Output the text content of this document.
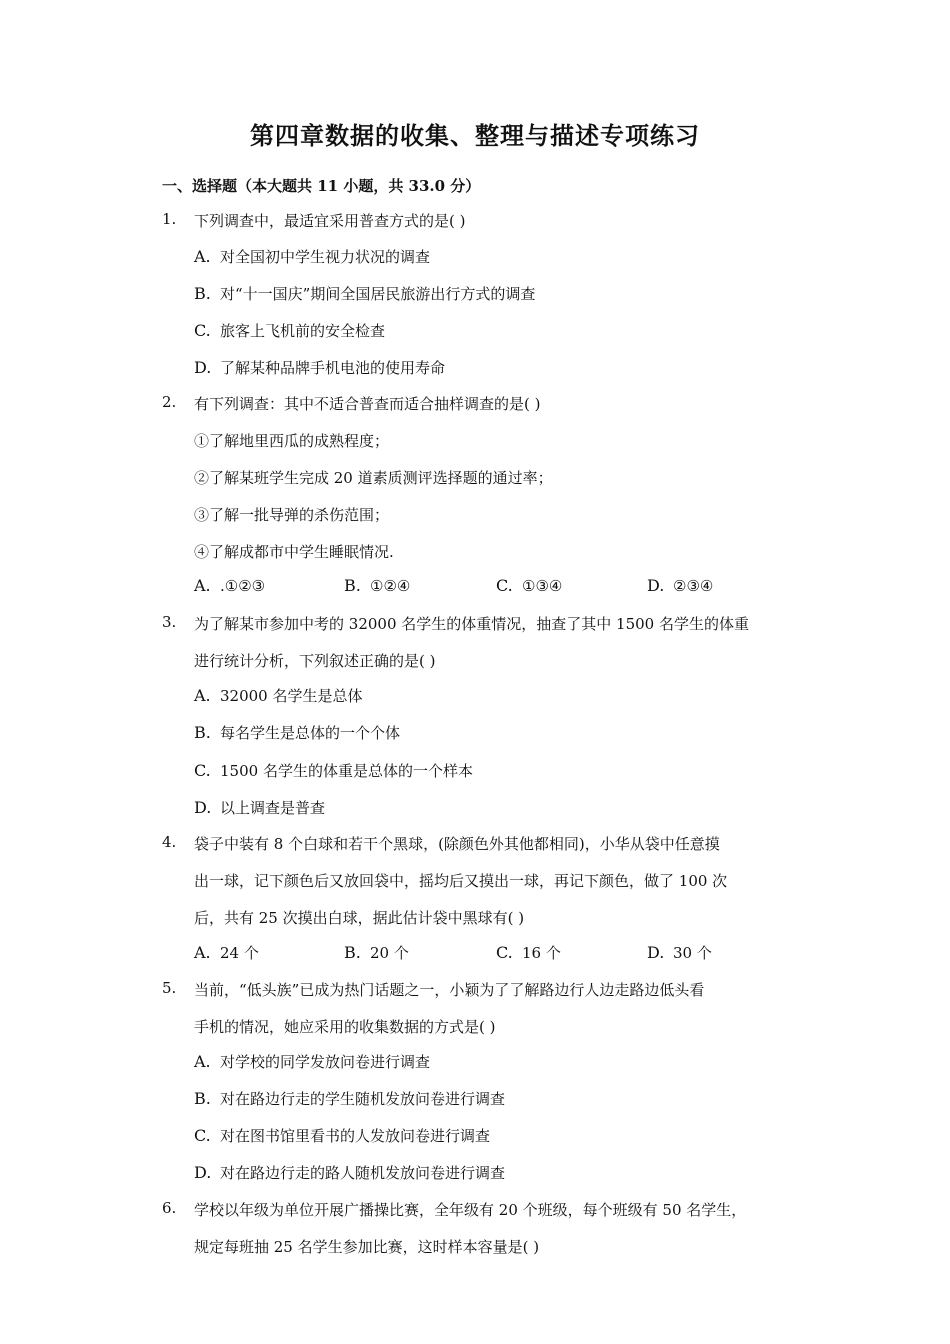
第四章数据的收集、整理与描述专项练习
一、选择题（本大题共 11 小题，共 33.0 分）
1. 下列调查中，最适宜采用普查方式的是( )
A. 对全国初中学生视力状况的调查
B. 对“十一国庆”期间全国居民旅游出行方式的调查
C. 旅客上飞机前的安全检查
D. 了解某种品牌手机电池的使用寿命
2. 有下列调查：其中不适合普查而适合抽样调查的是( )
①了解地里西瓜的成熟程度；
②了解某班学生完成 20 道素质测评选择题的通过率；
③了解一批导弹的杀伤范围；
④了解成都市中学生睡眠情况.
A. .①②③	B. ①②④	C. ①③④	D. ②③④
3. 为了解某市参加中考的 32000 名学生的体重情况，抽查了其中 1500 名学生的体重
进行统计分析，下列叙述正确的是( )
A. 32000 名学生是总体
B. 每名学生是总体的一个个体
C. 1500 名学生的体重是总体的一个样本
D. 以上调查是普查
4. 袋子中装有 8 个白球和若干个黑球，(除颜色外其他都相同)，小华从袋中任意摸
出一球，记下颜色后又放回袋中，摇均后又摸出一球，再记下颜色，做了 100 次
后，共有 25 次摸出白球，据此估计袋中黑球有( )
A. 24 个	B. 20 个	C. 16 个	D. 30 个
5. 当前，“低头族”已成为热门话题之一，小颖为了了解路边行人边走路边低头看
手机的情况，她应采用的收集数据的方式是( )
A. 对学校的同学发放问卷进行调查
B. 对在路边行走的学生随机发放问卷进行调查
C. 对在图书馆里看书的人发放问卷进行调查
D. 对在路边行走的路人随机发放问卷进行调查
6. 学校以年级为单位开展广播操比赛，全年级有 20 个班级，每个班级有 50 名学生，
规定每班抽 25 名学生参加比赛，这时样本容量是( )
